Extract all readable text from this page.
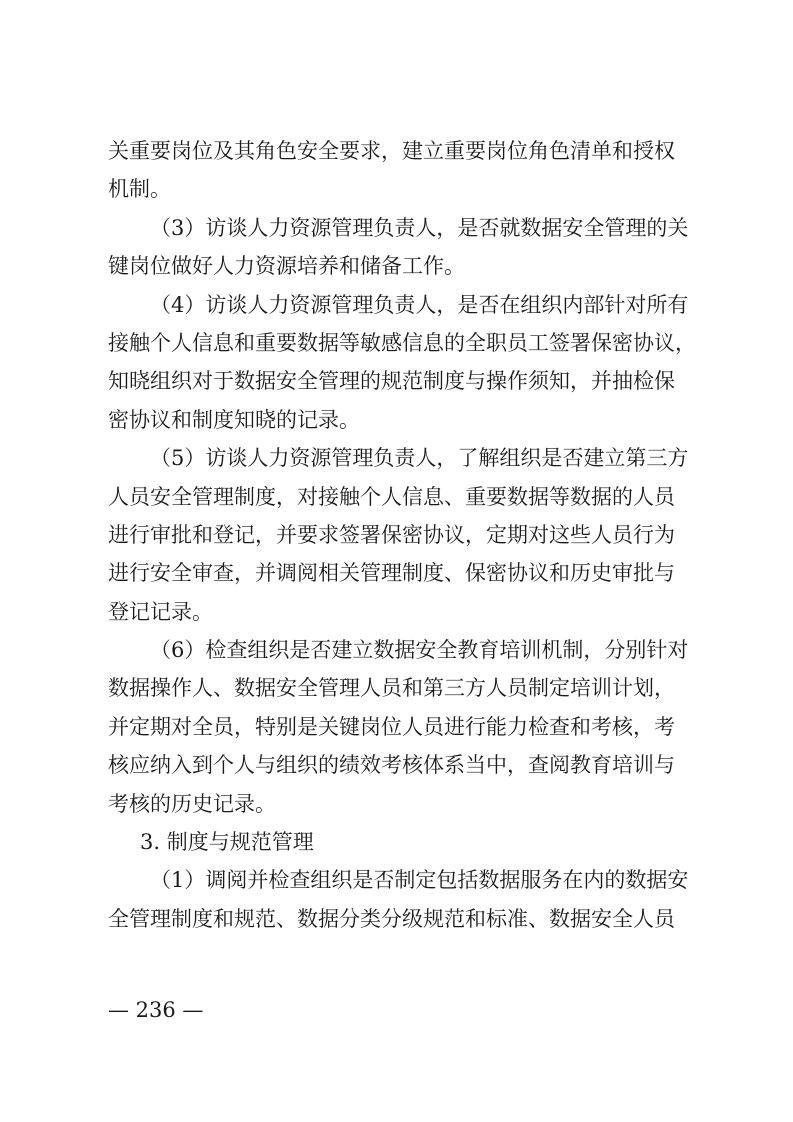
关重要岗位及其角色安全要求，建立重要岗位角色清单和授权
机制。
（3）访谈人力资源管理负责人，是否就数据安全管理的关
键岗位做好人力资源培养和储备工作。
（4）访谈人力资源管理负责人，是否在组织内部针对所有
接触个人信息和重要数据等敏感信息的全职员工签署保密协议，
知晓组织对于数据安全管理的规范制度与操作须知，并抽检保
密协议和制度知晓的记录。
（5）访谈人力资源管理负责人，了解组织是否建立第三方
人员安全管理制度，对接触个人信息、重要数据等数据的人员
进行审批和登记，并要求签署保密协议，定期对这些人员行为
进行安全审查，并调阅相关管理制度、保密协议和历史审批与
登记记录。
（6）检查组织是否建立数据安全教育培训机制，分别针对
数据操作人、数据安全管理人员和第三方人员制定培训计划，
并定期对全员，特别是关键岗位人员进行能力检查和考核，考
核应纳入到个人与组织的绩效考核体系当中，查阅教育培训与
考核的历史记录。
3. 制度与规范管理
（1）调阅并检查组织是否制定包括数据服务在内的数据安
全管理制度和规范、数据分类分级规范和标准、数据安全人员
— 236 —
